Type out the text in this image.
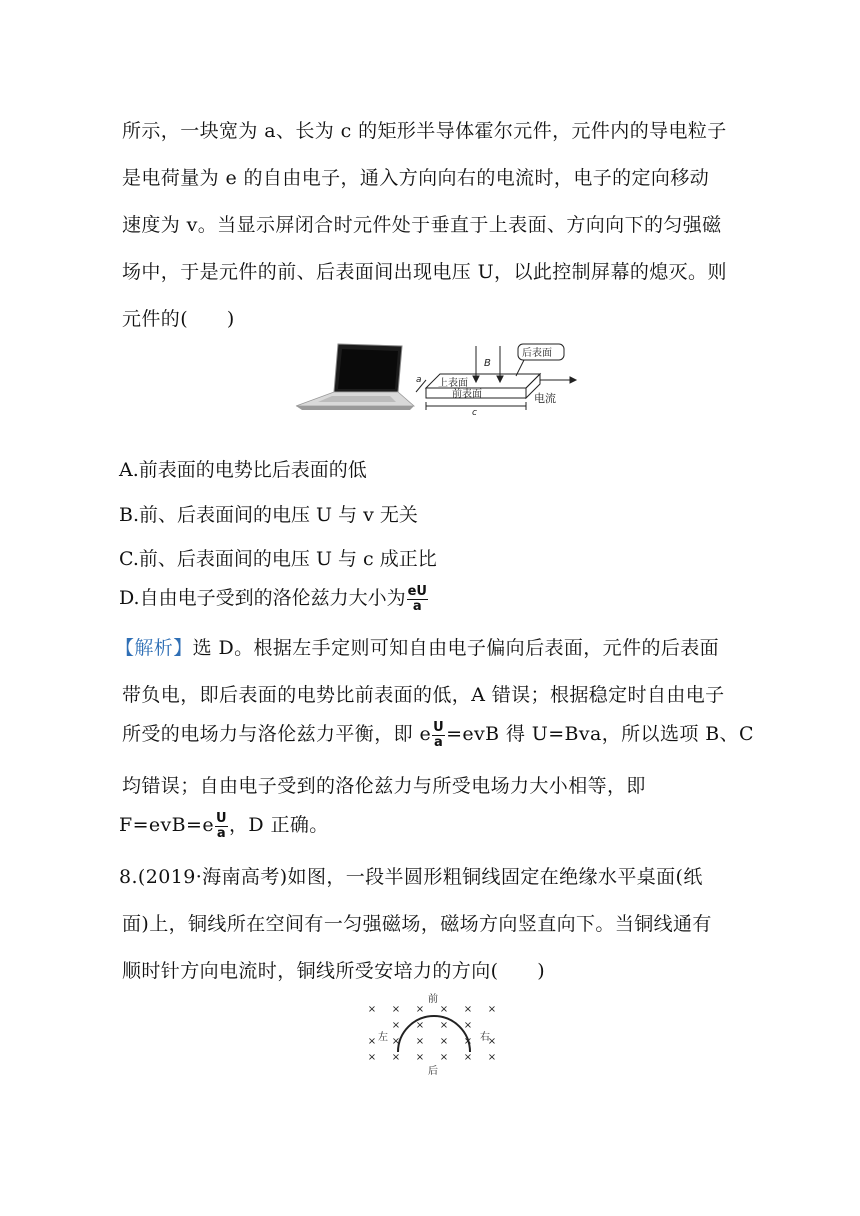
所示，一块宽为 a、长为 c 的矩形半导体霍尔元件，元件内的导电粒子
是电荷量为 e 的自由电子，通入方向向右的电流时，电子的定向移动
速度为 v。当显示屏闭合时元件处于垂直于上表面、方向向下的匀强磁
场中，于是元件的前、后表面间出现电压 U，以此控制屏幕的熄灭。则
元件的(　　)
B
后表面
上表面
前表面	电流
a
c
A.前表面的电势比后表面的低
B.前、后表面间的电压 U 与 v 无关
C.前、后表面间的电压 U 与 c 成正比
D.自由电子受到的洛伦兹力大小为 $\frac{eU}{a}$
【解析】选 D。根据左手定则可知自由电子偏向后表面，元件的后表面
带负电，即后表面的电势比前表面的低，A 错误；根据稳定时自由电子
所受的电场力与洛伦兹力平衡，即 e $\frac{U}{a} =evB$ 得 U=Bva，所以选项 B、C
均错误；自由电子受到的洛伦兹力与所受电场力大小相等，即
$F=evB=e \frac{U}{a}$ ，D 正确。
8.(2019·海南高考)如图，一段半圆形粗铜线固定在绝缘水平桌面(纸
面)上，铜线所在空间有一匀强磁场，磁场方向竖直向下。当铜线通有
顺时针方向电流时，铜线所受安培力的方向(　　)
× × × × × ×
× × × ×
× × × × × ×
× × × × × ×
前
后
左	右
